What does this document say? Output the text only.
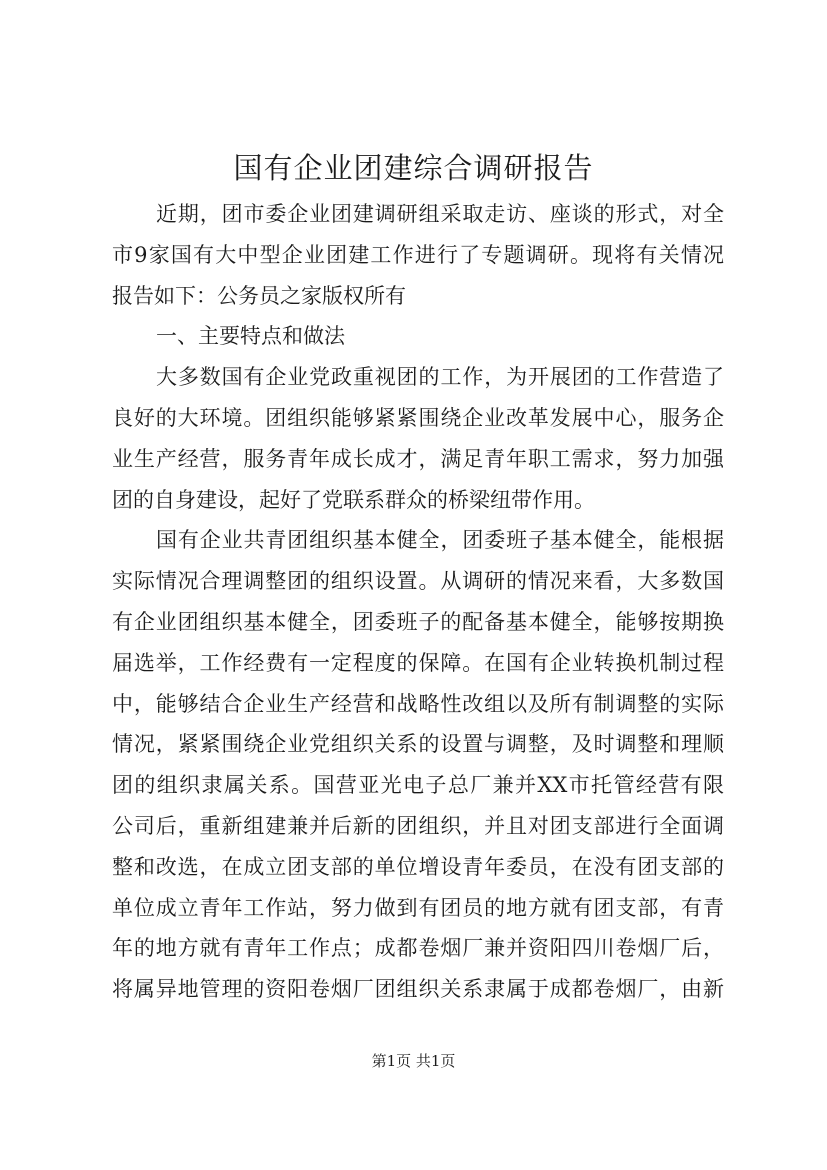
国有企业团建综合调研报告
近期，团市委企业团建调研组采取走访、座谈的形式，对全
市9家国有大中型企业团建工作进行了专题调研。现将有关情况
报告如下：公务员之家版权所有
一、主要特点和做法
大多数国有企业党政重视团的工作，为开展团的工作营造了
良好的大环境。团组织能够紧紧围绕企业改革发展中心，服务企
业生产经营，服务青年成长成才，满足青年职工需求，努力加强
团的自身建设，起好了党联系群众的桥梁纽带作用。
国有企业共青团组织基本健全，团委班子基本健全，能根据
实际情况合理调整团的组织设置。从调研的情况来看，大多数国
有企业团组织基本健全，团委班子的配备基本健全，能够按期换
届选举，工作经费有一定程度的保障。在国有企业转换机制过程
中，能够结合企业生产经营和战略性改组以及所有制调整的实际
情况，紧紧围绕企业党组织关系的设置与调整，及时调整和理顺
团的组织隶属关系。国营亚光电子总厂兼并XX市托管经营有限
公司后，重新组建兼并后新的团组织，并且对团支部进行全面调
整和改选，在成立团支部的单位增设青年委员，在没有团支部的
单位成立青年工作站，努力做到有团员的地方就有团支部，有青
年的地方就有青年工作点；成都卷烟厂兼并资阳四川卷烟厂后，
将属异地管理的资阳卷烟厂团组织关系隶属于成都卷烟厂，由新
第1页 共1页
